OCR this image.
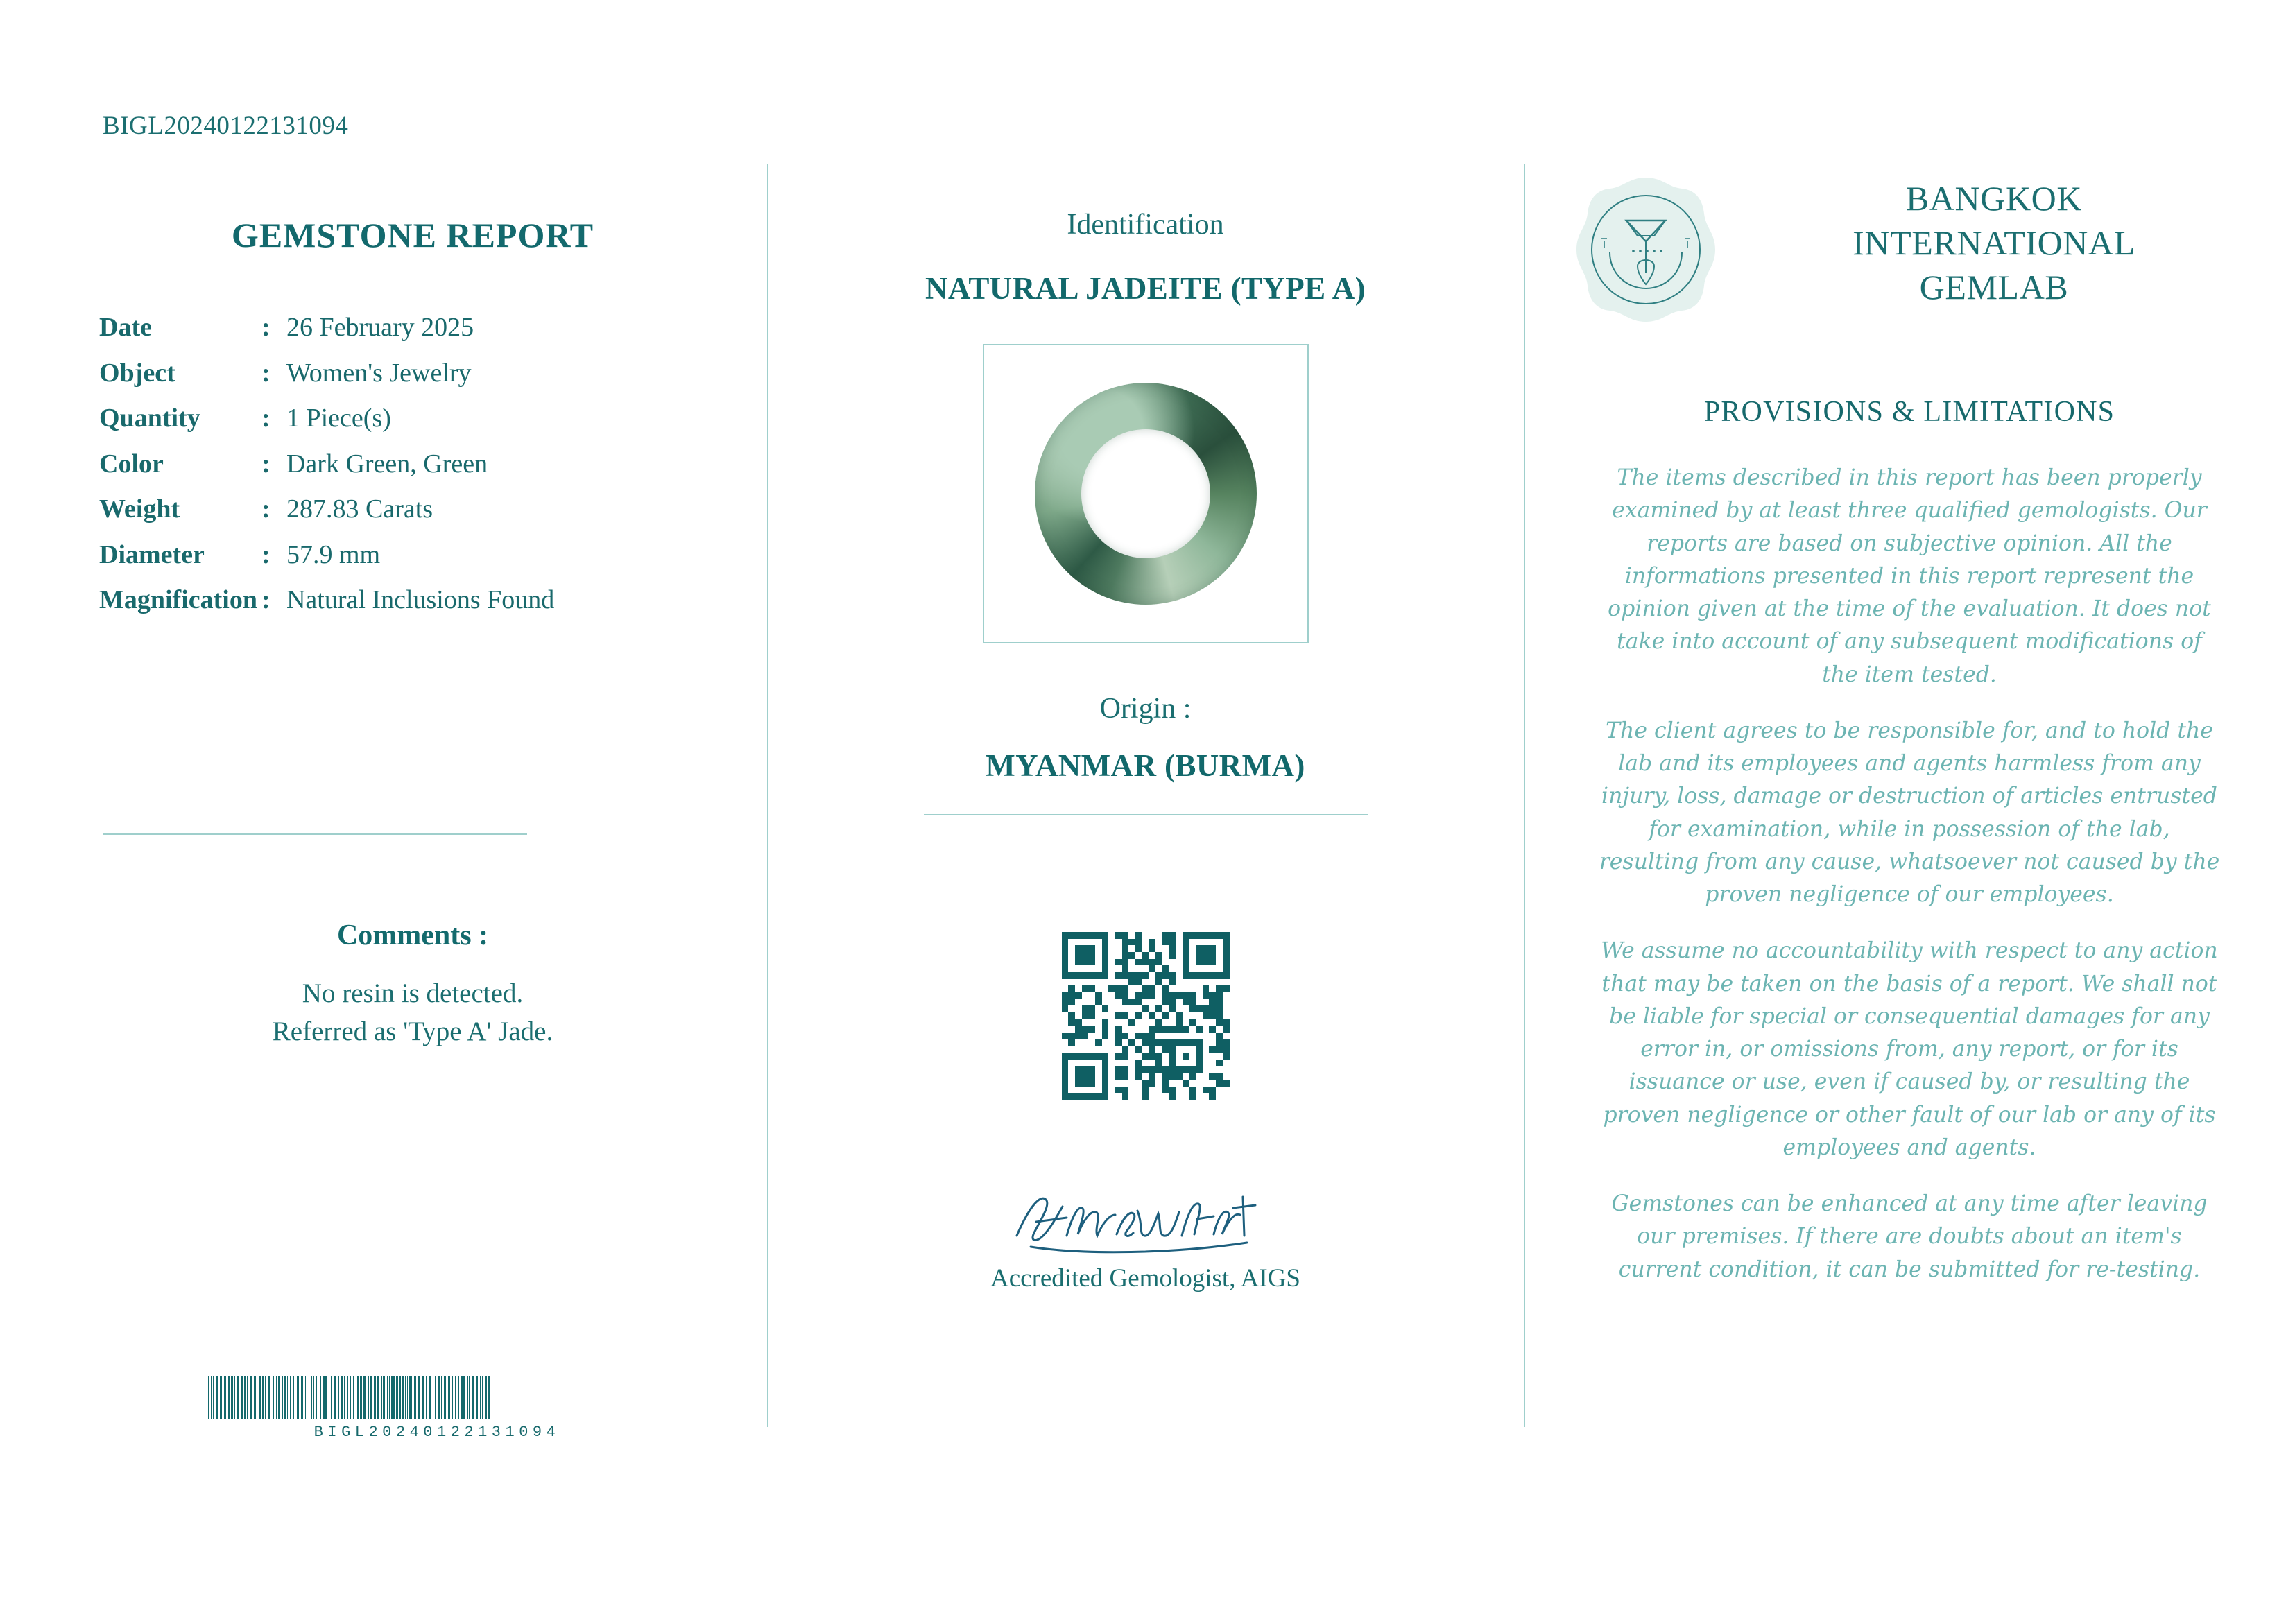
BIGL20240122131094
GEMSTONE REPORT
Date	:	26 February 2025
Object	:	Women's Jewelry
Quantity	:	1 Piece(s)
Color	:	Dark Green, Green
Weight	:	287.83 Carats
Diameter	:	57.9 mm
Magnification	:	Natural Inclusions Found
Comments :
No resin is detected.
Referred as 'Type A' Jade.
BIGL20240122131094
Identification
NATURAL JADEITE (TYPE A)
Origin :
MYANMAR (BURMA)
Accredited Gemologist, AIGS
BANGKOK
INTERNATIONAL
GEMLAB
PROVISIONS & LIMITATIONS

The items described in this report has been properly examined by at least three qualified gemologists. Our reports are based on subjective opinion. All the informations presented in this report represent the opinion given at the time of the evaluation. It does not take into account of any subsequent modifications of the item tested.

The client agrees to be responsible for, and to hold the lab and its employees and agents harmless from any injury, loss, damage or destruction of articles entrusted for examination, while in possession of the lab, resulting from any cause, whatsoever not caused by the proven negligence of our employees.

We assume no accountability with respect to any action that may be taken on the basis of a report. We shall not be liable for special or consequential damages for any error in, or omissions from, any report, or for its issuance or use, even if caused by, or resulting the proven negligence or other fault of our lab or any of its employees and agents.

Gemstones can be enhanced at any time after leaving our premises. If there are doubts about an item's current condition, it can be submitted for re-testing.
